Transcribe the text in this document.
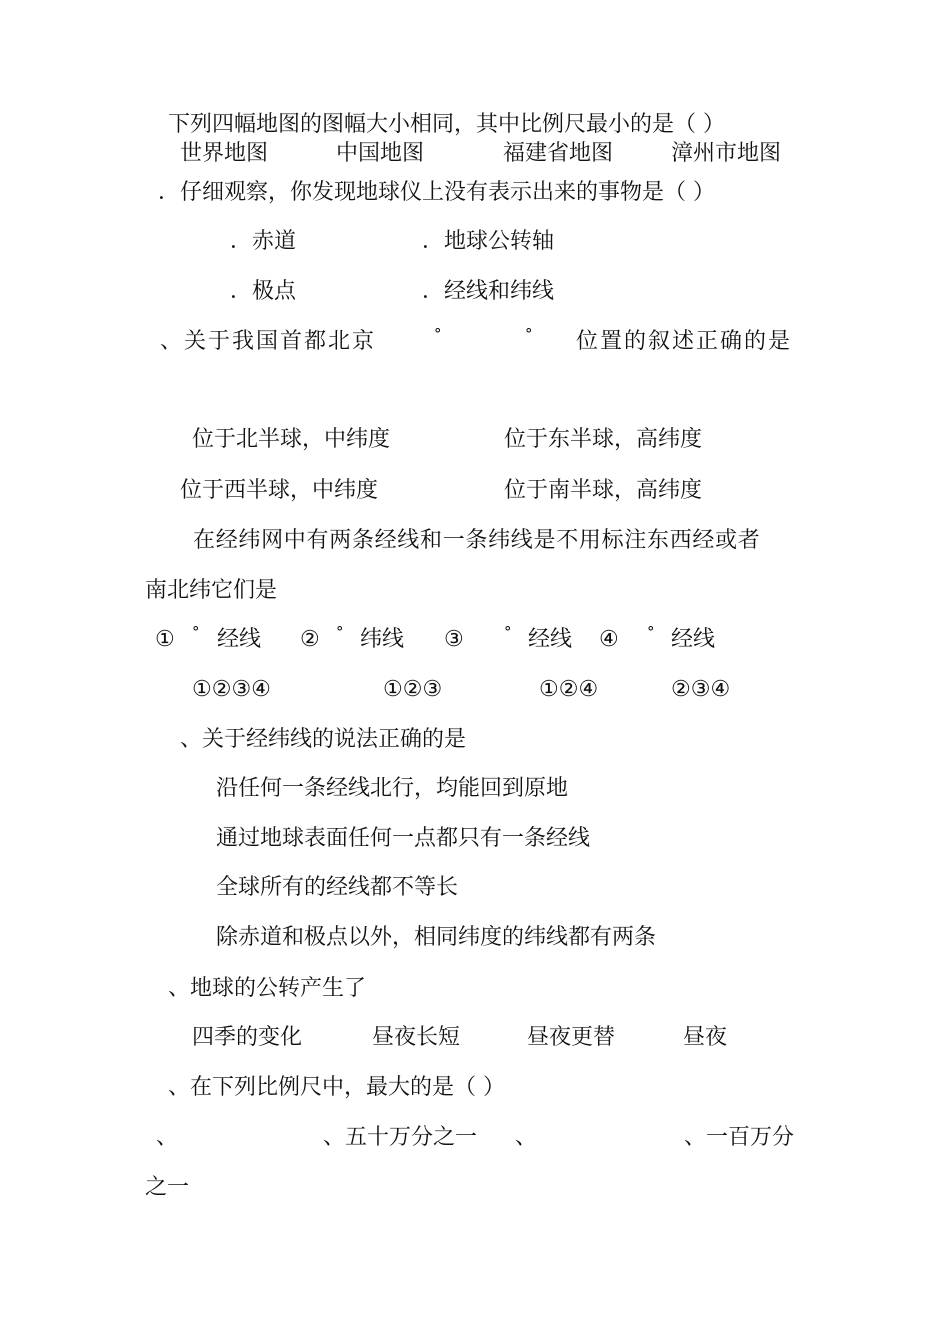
下列四幅地图的图幅大小相同，其中比例尺最小的是（ ）
世界地图	中国地图	福建省地图	漳州市地图
．仔细观察，你发现地球仪上没有表示出来的事物是（ ）
．赤道	．地球公转轴
．极点	．经线和纬线
、关于我国首都北京	°	° 位置的叙述正确的是
位于北半球，中纬度	位于东半球，高纬度
位于西半球，中纬度	位于南半球，高纬度
在经纬网中有两条经线和一条纬线是不用标注东西经或者
南北纬它们是
① ° 经线 ② ° 纬线 ③	° 经线 ④ ° 经线
①②③④	①②③	①②④	②③④
、关于经纬线的说法正确的是
沿任何一条经线北行，均能回到原地
通过地球表面任何一点都只有一条经线
全球所有的经线都不等长
除赤道和极点以外，相同纬度的纬线都有两条
、地球的公转产生了
四季的变化	昼夜长短	昼夜更替	昼夜
、在下列比例尺中，最大的是（ ）
、	、五十万分之一 、	、一百万分
之一
